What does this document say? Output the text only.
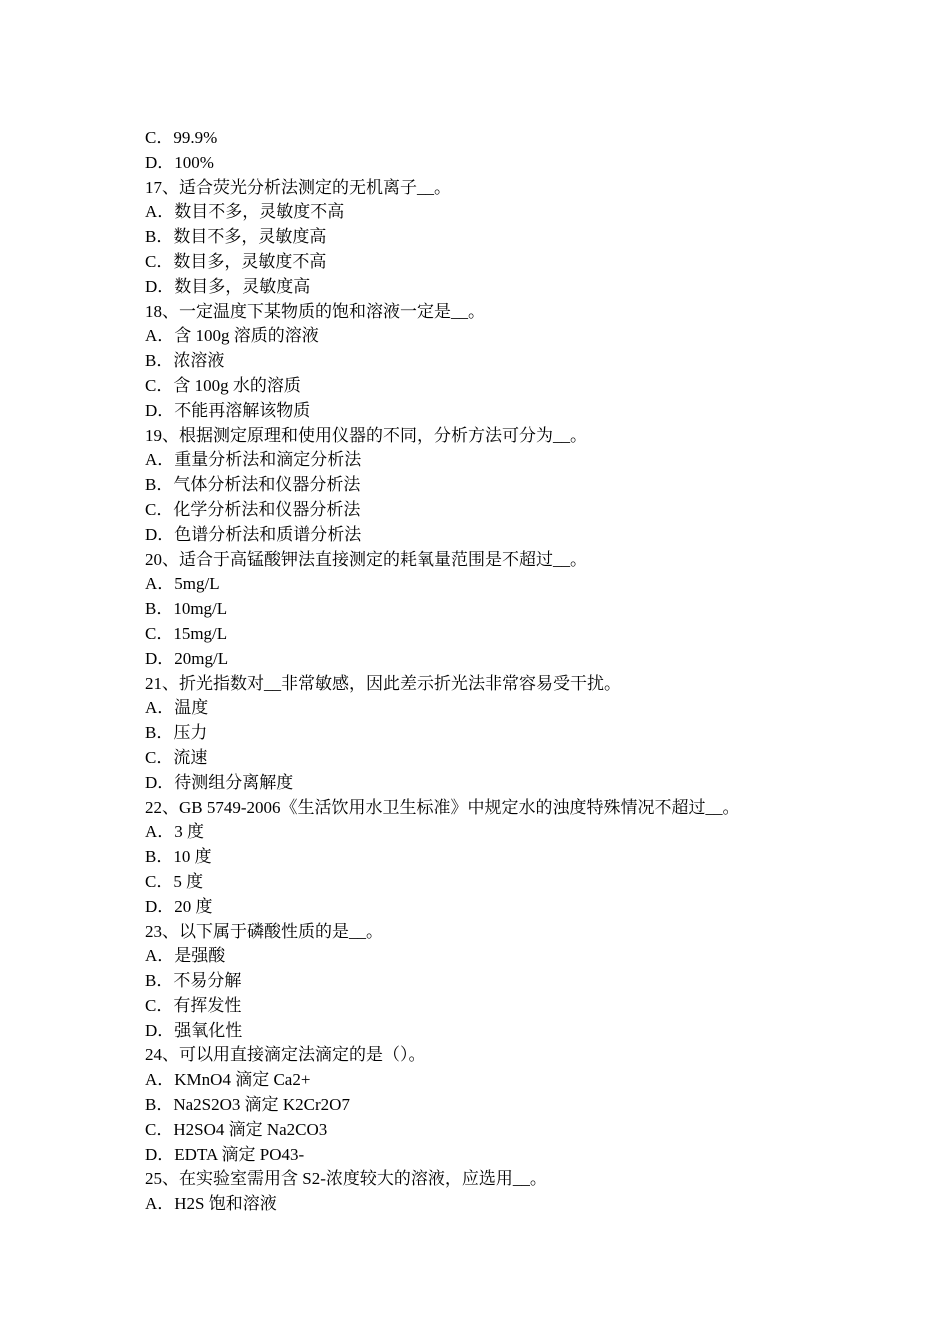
C．99.9%
D．100%
17、适合荧光分析法测定的无机离子__。
A．数目不多，灵敏度不高
B．数目不多，灵敏度高
C．数目多，灵敏度不高
D．数目多，灵敏度高
18、一定温度下某物质的饱和溶液一定是__。
A．含 100g 溶质的溶液
B．浓溶液
C．含 100g 水的溶质
D．不能再溶解该物质
19、根据测定原理和使用仪器的不同，分析方法可分为__。
A．重量分析法和滴定分析法
B．气体分析法和仪器分析法
C．化学分析法和仪器分析法
D．色谱分析法和质谱分析法
20、适合于高锰酸钾法直接测定的耗氧量范围是不超过__。
A．5mg/L
B．10mg/L
C．15mg/L
D．20mg/L
21、折光指数对__非常敏感，因此差示折光法非常容易受干扰。
A．温度
B．压力
C．流速
D．待测组分离解度
22、GB 5749-2006《生活饮用水卫生标准》中规定水的浊度特殊情况不超过__。
A．3 度
B．10 度
C．5 度
D．20 度
23、以下属于磷酸性质的是__。
A．是强酸
B．不易分解
C．有挥发性
D．强氧化性
24、可以用直接滴定法滴定的是（）。
A．KMnO4 滴定 Ca2+
B．Na2S2O3 滴定 K2Cr2O7
C．H2SO4 滴定 Na2CO3
D．EDTA 滴定 PO43-
25、在实验室需用含 S2-浓度较大的溶液，应选用__。
A．H2S 饱和溶液
